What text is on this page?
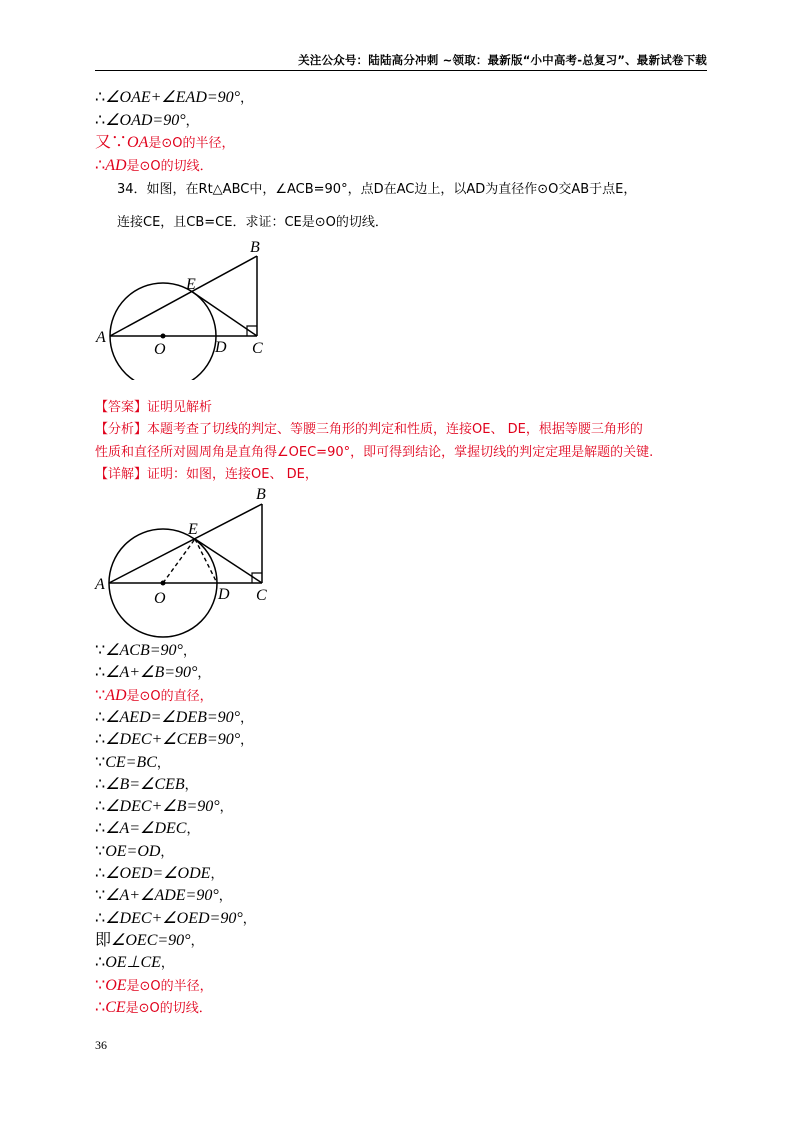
关注公众号：陆陆高分冲刺 ~领取：最新版“小中高考-总复习”、最新试卷下载
∴∠OAE+∠EAD=90°，
∴∠OAD=90°，
又∵OA是⊙O的半径，
∴AD是⊙O的切线．
34．如图，在Rt△ABC中，∠ACB=90°，点D在AC边上，以AD为直径作⊙O交AB于点E，
连接CE，且CB=CE．求证：CE是⊙O的切线．
A
B
C
D
E
O
【答案】证明见解析
【分析】本题考查了切线的判定、等腰三角形的判定和性质，连接OE、 DE，根据等腰三角形的
性质和直径所对圆周角是直角得∠OEC=90°，即可得到结论，掌握切线的判定定理是解题的关键.
【详解】证明：如图，连接OE、 DE，
A
B
C
D
E
O
∵∠ACB=90°，
∴∠A+∠B=90°，
∵AD是⊙O的直径，
∴∠AED=∠DEB=90°，
∴∠DEC+∠CEB=90°，
∵CE=BC，
∴∠B=∠CEB，
∴∠DEC+∠B=90°，
∴∠A=∠DEC，
∵OE=OD，
∴∠OED=∠ODE，
∵∠A+∠ADE=90°，
∴∠DEC+∠OED=90°，
即∠OEC=90°，
∴OE⊥CE，
∵OE是⊙O的半径，
∴CE是⊙O的切线．
36
